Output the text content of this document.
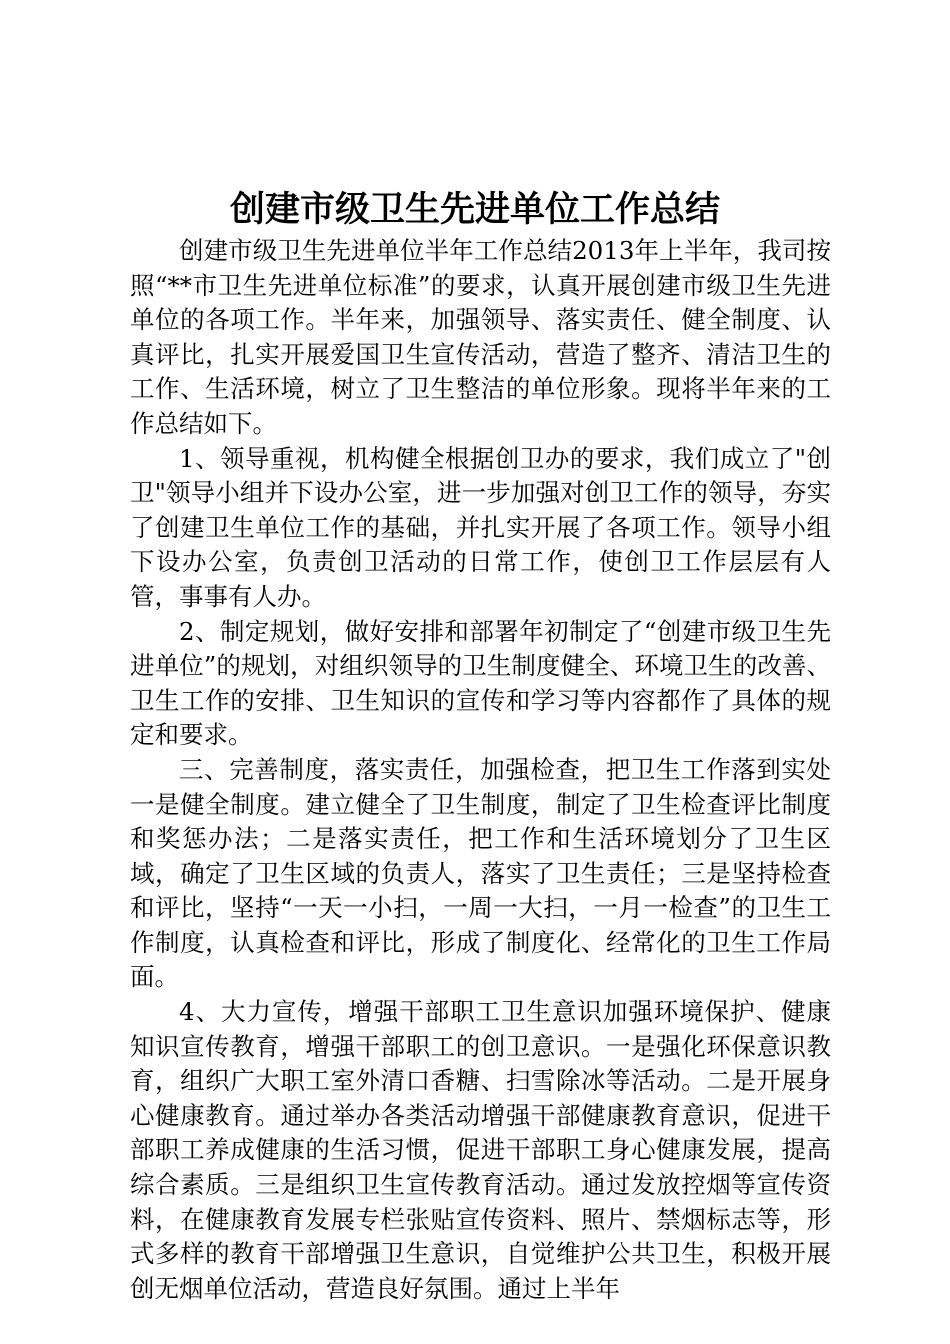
创建市级卫生先进单位工作总结

创建市级卫生先进单位半年工作总结2013年上半年，我司按照“**市卫生先进单位标准”的要求，认真开展创建市级卫生先进单位的各项工作。半年来，加强领导、落实责任、健全制度、认真评比，扎实开展爱国卫生宣传活动，营造了整齐、清洁卫生的工作、生活环境，树立了卫生整洁的单位形象。现将半年来的工作总结如下。

1、领导重视，机构健全根据创卫办的要求，我们成立了"创卫"领导小组并下设办公室，进一步加强对创卫工作的领导，夯实了创建卫生单位工作的基础，并扎实开展了各项工作。领导小组下设办公室，负责创卫活动的日常工作，使创卫工作层层有人管，事事有人办。

2、制定规划，做好安排和部署年初制定了“创建市级卫生先进单位”的规划，对组织领导的卫生制度健全、环境卫生的改善、卫生工作的安排、卫生知识的宣传和学习等内容都作了具体的规定和要求。

三、完善制度，落实责任，加强检查，把卫生工作落到实处一是健全制度。建立健全了卫生制度，制定了卫生检查评比制度和奖惩办法；二是落实责任，把工作和生活环境划分了卫生区域，确定了卫生区域的负责人，落实了卫生责任；三是坚持检查和评比，坚持“一天一小扫，一周一大扫，一月一检查”的卫生工作制度，认真检查和评比，形成了制度化、经常化的卫生工作局面。

4、大力宣传，增强干部职工卫生意识加强环境保护、健康知识宣传教育，增强干部职工的创卫意识。一是强化环保意识教育，组织广大职工室外清口香糖、扫雪除冰等活动。二是开展身心健康教育。通过举办各类活动增强干部健康教育意识，促进干部职工养成健康的生活习惯，促进干部职工身心健康发展，提高综合素质。三是组织卫生宣传教育活动。通过发放控烟等宣传资料，在健康教育发展专栏张贴宣传资料、照片、禁烟标志等，形式多样的教育干部增强卫生意识，自觉维护公共卫生，积极开展创无烟单位活动，营造良好氛围。通过上半年
